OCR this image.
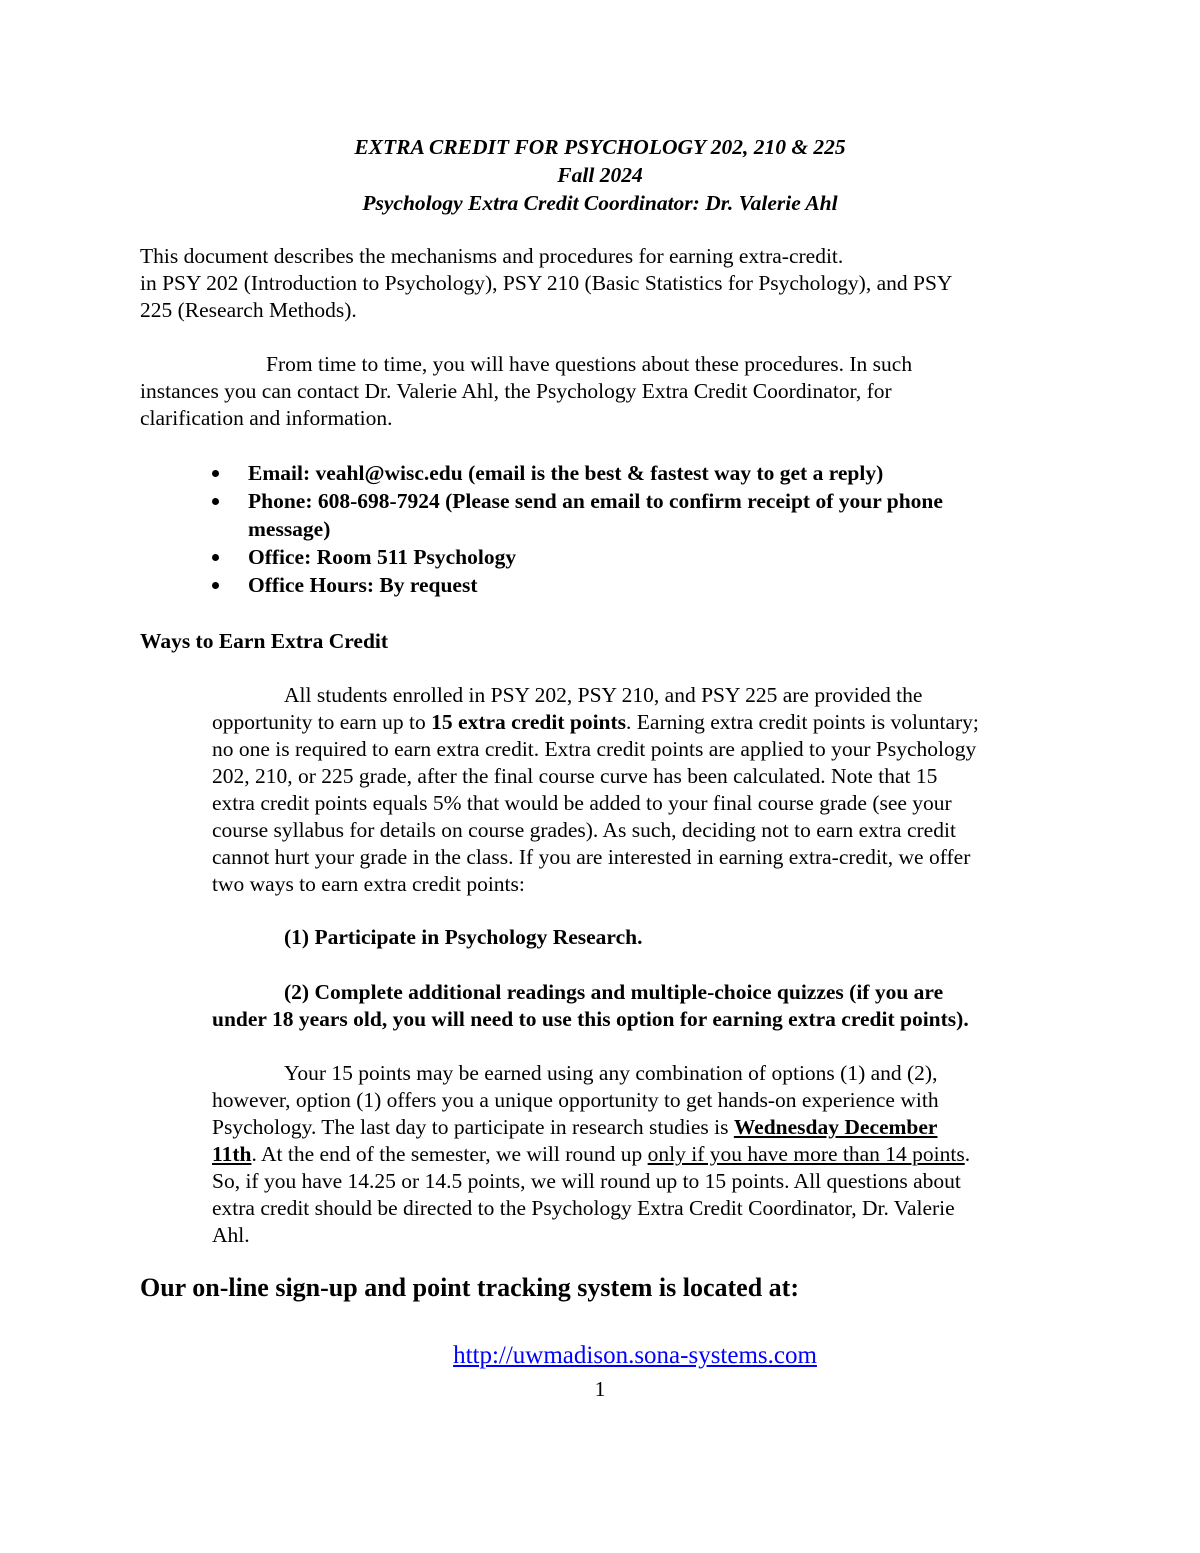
EXTRA CREDIT FOR PSYCHOLOGY 202, 210 & 225
Fall 2024
Psychology Extra Credit Coordinator: Dr. Valerie Ahl
This document describes the mechanisms and procedures for earning extra-credit.
in PSY 202 (Introduction to Psychology), PSY 210 (Basic Statistics for Psychology), and PSY
225 (Research Methods).
From time to time, you will have questions about these procedures. In such
instances you can contact Dr. Valerie Ahl, the Psychology Extra Credit Coordinator, for
clarification and information.
Email: veahl@wisc.edu (email is the best & fastest way to get a reply)
Phone: 608-698-7924 (Please send an email to confirm receipt of your phone
message)
Office: Room 511 Psychology
Office Hours: By request
Ways to Earn Extra Credit
All students enrolled in PSY 202, PSY 210, and PSY 225 are provided the
opportunity to earn up to 15 extra credit points. Earning extra credit points is voluntary;
no one is required to earn extra credit. Extra credit points are applied to your Psychology
202, 210, or 225 grade, after the final course curve has been calculated. Note that 15
extra credit points equals 5% that would be added to your final course grade (see your
course syllabus for details on course grades). As such, deciding not to earn extra credit
cannot hurt your grade in the class. If you are interested in earning extra-credit, we offer
two ways to earn extra credit points:
(1) Participate in Psychology Research.
(2) Complete additional readings and multiple-choice quizzes (if you are
under 18 years old, you will need to use this option for earning extra credit points).
Your 15 points may be earned using any combination of options (1) and (2),
however, option (1) offers you a unique opportunity to get hands-on experience with
Psychology. The last day to participate in research studies is Wednesday December
11th. At the end of the semester, we will round up only if you have more than 14 points.
So, if you have 14.25 or 14.5 points, we will round up to 15 points. All questions about
extra credit should be directed to the Psychology Extra Credit Coordinator, Dr. Valerie
Ahl.
Our on-line sign-up and point tracking system is located at:
http://uwmadison.sona-systems.com
1
